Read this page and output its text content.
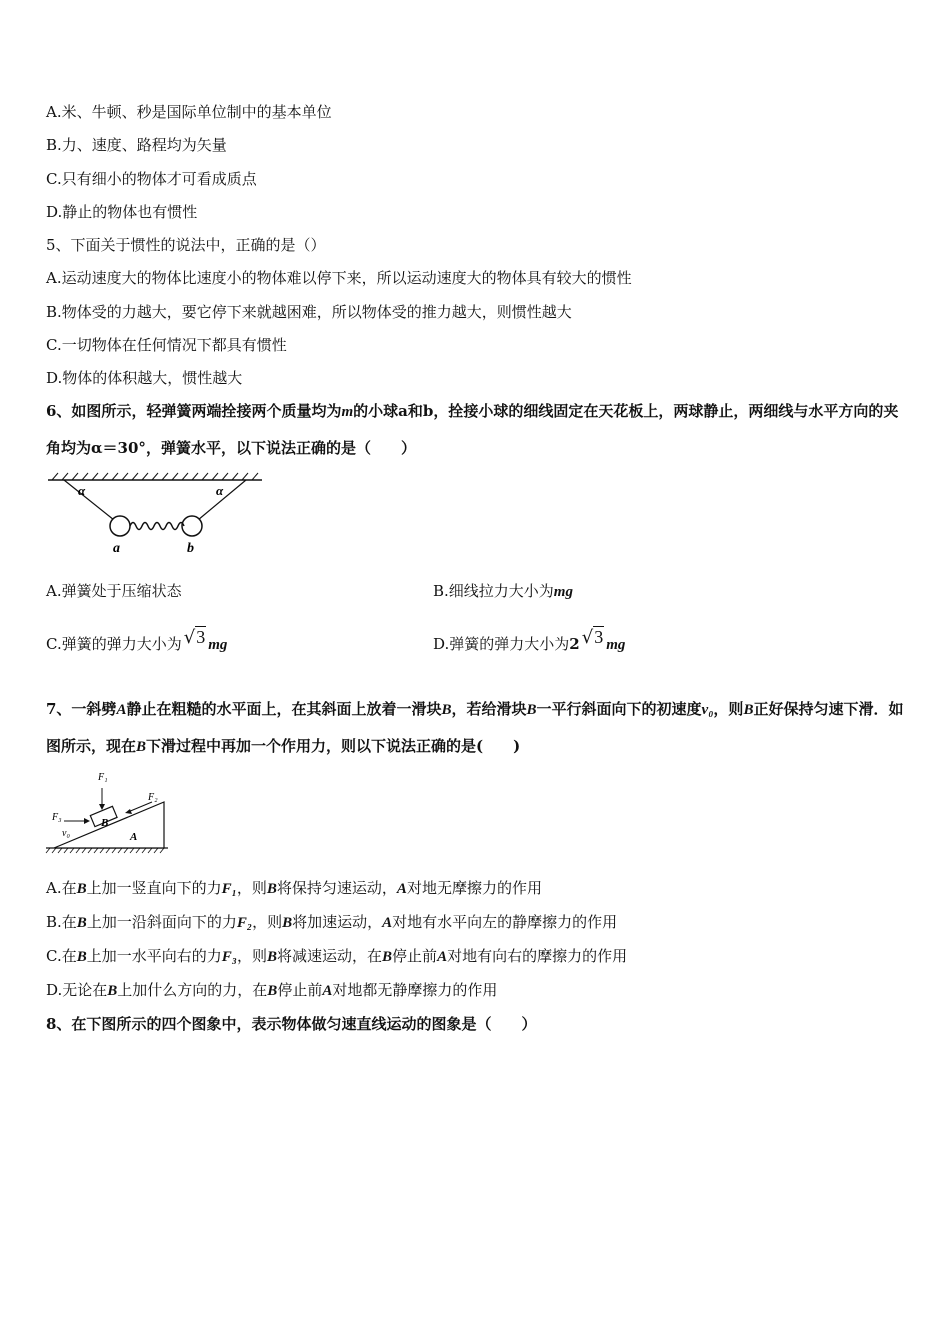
A.米、牛顿、秒是国际单位制中的基本单位
B.力、速度、路程均为矢量
C.只有细小的物体才可看成质点
D.静止的物体也有惯性
5、下面关于惯性的说法中，正确的是（）
A.运动速度大的物体比速度小的物体难以停下来，所以运动速度大的物体具有较大的惯性
B.物体受的力越大，要它停下来就越困难，所以物体受的推力越大，则惯性越大
C.一切物体在任何情况下都具有惯性
D.物体的体积越大，惯性越大
6、如图所示，轻弹簧两端拴接两个质量均为m的小球a和b，拴接小球的细线固定在天花板上，两球静止，两细线与水平方向的夹角均为α＝30°，弹簧水平，以下说法正确的是（　　）
α	α
a	b
A.弹簧处于压缩状态	B.细线拉力大小为mg
C.弹簧的弹力大小为 √3 mg	D.弹簧的弹力大小为2 √3 mg
7、一斜劈A静止在粗糙的水平面上，在其斜面上放着一滑块B，若给滑块B一平行斜面向下的初速度v₀，则B正好保持匀速下滑．如图所示，现在B下滑过程中再加一个作用力，则以下说法正确的是(　　)
F₁
F₂
F₃
v₀
B
A
A.在B上加一竖直向下的力F₁，则B将保持匀速运动，A对地无摩擦力的作用
B.在B上加一沿斜面向下的力F₂，则B将加速运动，A对地有水平向左的静摩擦力的作用
C.在B上加一水平向右的力F₃，则B将减速运动，在B停止前A对地有向右的摩擦力的作用
D.无论在B上加什么方向的力，在B停止前A对地都无静摩擦力的作用
8、在下图所示的四个图象中，表示物体做匀速直线运动的图象是（　　）
